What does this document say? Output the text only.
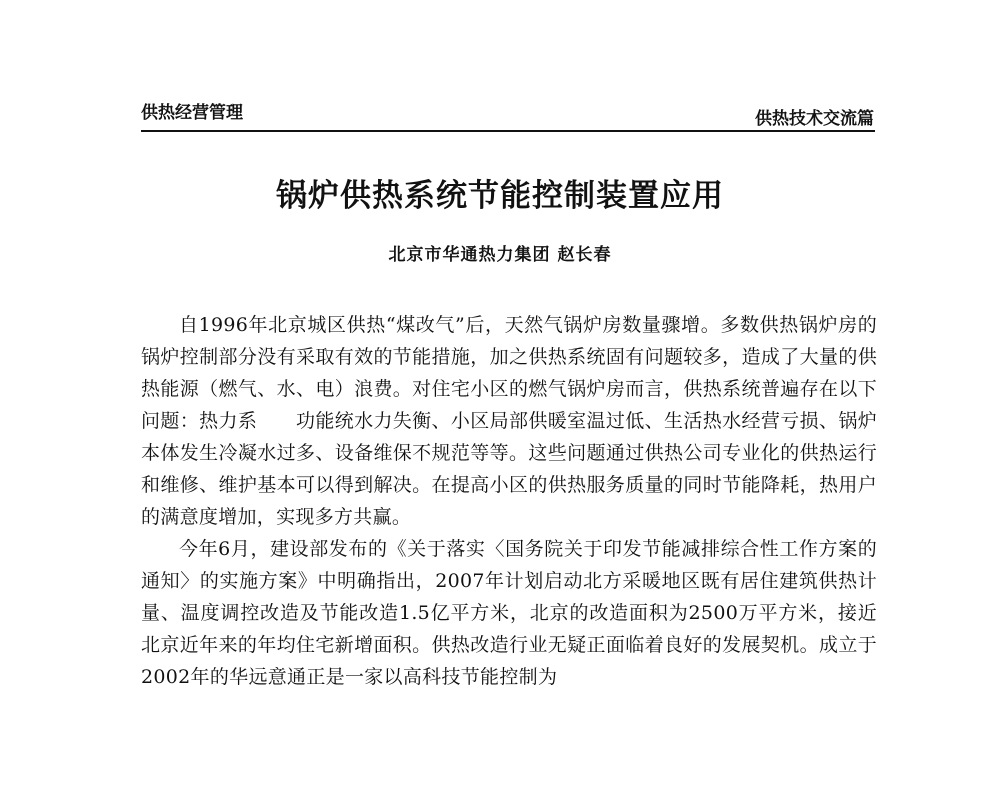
供热经营管理	供热技术交流篇
锅炉供热系统节能控制装置应用
北京市华通热力集团 赵长春

自1996年北京城区供热“煤改气”后，天然气锅炉房数量骤增。多数供热锅炉房的锅炉控制部分没有采取有效的节能措施，加之供热系统固有问题较多，造成了大量的供热能源（燃气、水、电）浪费。对住宅小区的燃气锅炉房而言，供热系统普遍存在以下问题：热力系　　功能统水力失衡、小区局部供暖室温过低、生活热水经营亏损、锅炉本体发生冷凝水过多、设备维保不规范等等。这些问题通过供热公司专业化的供热运行和维修、维护基本可以得到解决。在提高小区的供热服务质量的同时节能降耗，热用户的满意度增加，实现多方共赢。

今年6月，建设部发布的《关于落实〈国务院关于印发节能减排综合性工作方案的通知〉的实施方案》中明确指出，2007年计划启动北方采暖地区既有居住建筑供热计量、温度调控改造及节能改造1.5亿平方米，北京的改造面积为2500万平方米，接近北京近年来的年均住宅新增面积。供热改造行业无疑正面临着良好的发展契机。成立于2002年的华远意通正是一家以高科技节能控制为
